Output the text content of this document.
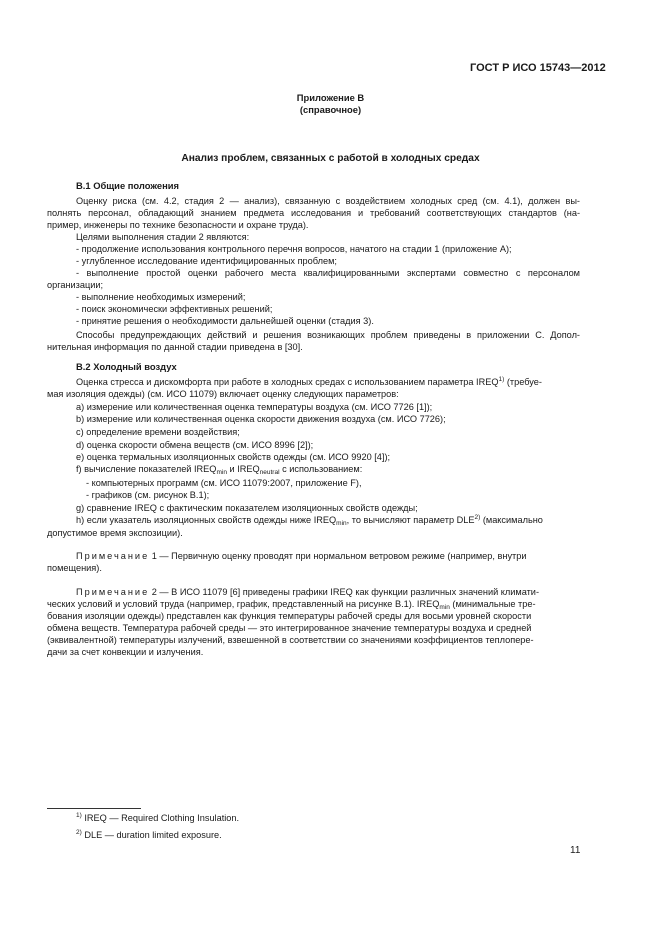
ГОСТ Р ИСО 15743—2012
Приложение В
(справочное)
Анализ проблем, связанных с работой в холодных средах
В.1 Общие положения
Оценку риска (см. 4.2, стадия 2 — анализ), связанную с воздействием холодных сред (см. 4.1), должен вы-
полнять персонал, обладающий знанием предмета исследования и требований соответствующих стандартов (на-
пример, инженеры по технике безопасности и охране труда).
Целями выполнения стадии 2 являются:
- продолжение использования контрольного перечня вопросов, начатого на стадии 1 (приложение А);
- углубленное исследование идентифицированных проблем;
- выполнение простой оценки рабочего места квалифицированными экспертами совместно с персоналом
организации;
- выполнение необходимых измерений;
- поиск экономически эффективных решений;
- принятие решения о необходимости дальнейшей оценки (стадия 3).
Способы предупреждающих действий и решения возникающих проблем приведены в приложении С. Допол-
нительная информация по данной стадии приведена в [30].
В.2 Холодный воздух
Оценка стресса и дискомфорта при работе в холодных средах с использованием параметра IREQ$^{1)}$ (требуе-
мая изоляция одежды) (см. ИСО 11079) включает оценку следующих параметров:
a) измерение или количественная оценка температуры воздуха (см. ИСО 7726 [1]);
b) измерение или количественная оценка скорости движения воздуха (см. ИСО 7726);
c) определение времени воздействия;
d) оценка скорости обмена веществ (см. ИСО 8996 [2]);
e) оценка термальных изоляционных свойств одежды (см. ИСО 9920 [4]);
f) вычисление показателей $IREQ_{min}$ и $IREQ_{neutral}$ с использованием:
- компьютерных программ (см. ИСО 11079:2007, приложение F),
- графиков (см. рисунок В.1);
g) сравнение IREQ с фактическим показателем изоляционных свойств одежды;
h) если указатель изоляционных свойств одежды ниже $IREQ_{min}$, то вычисляют параметр DLE$^{2)}$ (максимально
допустимое время экспозиции).
Примечание 1 — Первичную оценку проводят при нормальном ветровом режиме (например, внутри
помещения).
Примечание 2 — В ИСО 11079 [6] приведены графики IREQ как функции различных значений климати-
ческих условий и условий труда (например, график, представленный на рисунке В.1). $IREQ_{min}$ (минимальные тре-
бования изоляции одежды) представлен как функция температуры рабочей среды для восьми уровней скорости
обмена веществ. Температура рабочей среды — это интегрированное значение температуры воздуха и средней
(эквивалентной) температуры излучений, взвешенной в соответствии со значениями коэффициентов теплопере-
дачи за счет конвекции и излучения.
$^{1)}$ IREQ — Required Clothing Insulation.
$^{2)}$ DLE — duration limited exposure.
11
